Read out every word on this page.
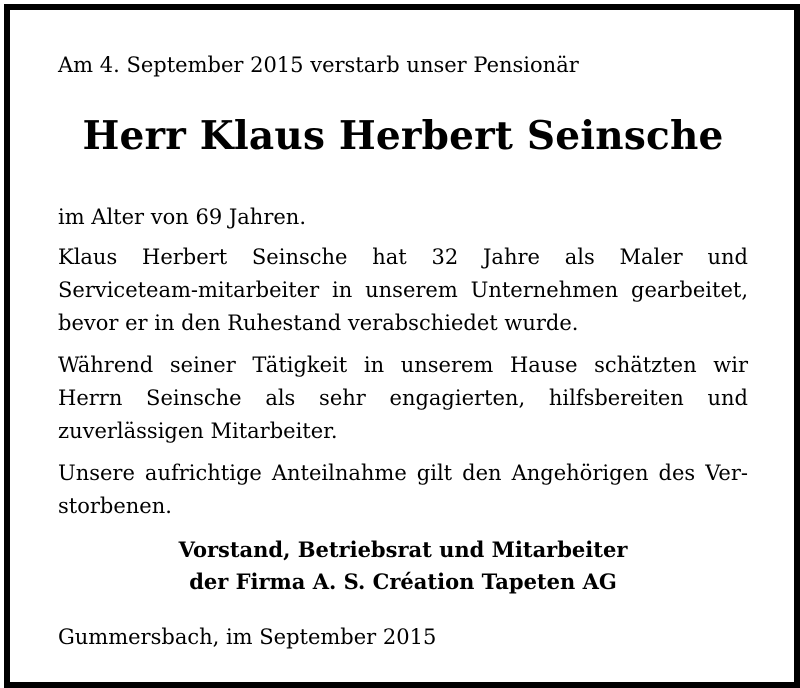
Am 4. September 2015 verstarb unser Pensionär
Herr Klaus Herbert Seinsche
im Alter von 69 Jahren.
Klaus Herbert Seinsche hat 32 Jahre als Maler und Serviceteam-mitarbeiter in unserem Unternehmen gearbeitet, bevor er in den Ruhestand verabschiedet wurde.
Während seiner Tätigkeit in unserem Hause schätzten wir Herrn Seinsche als sehr engagierten, hilfsbereiten und zuverlässigen Mitarbeiter.
Unsere aufrichtige Anteilnahme gilt den Angehörigen des Ver-storbenen.
Vorstand, Betriebsrat und Mitarbeiter
der Firma A. S. Création Tapeten AG
Gummersbach, im September 2015
